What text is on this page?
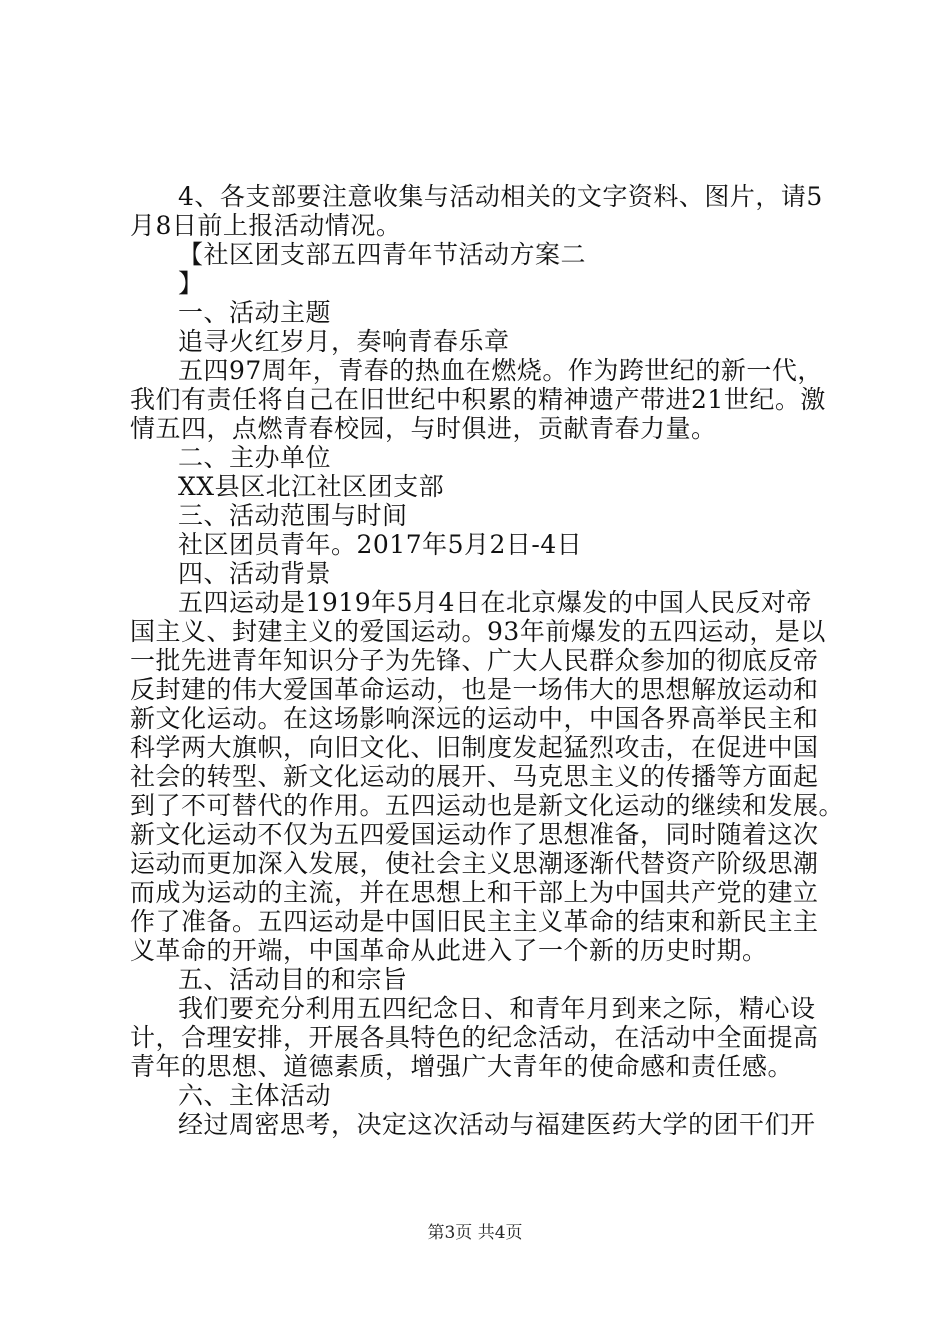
4、各支部要注意收集与活动相关的文字资料、图片，请5
月8日前上报活动情况。
【社区团支部五四青年节活动方案二
】
一、活动主题
追寻火红岁月，奏响青春乐章
五四97周年，青春的热血在燃烧。作为跨世纪的新一代，
我们有责任将自己在旧世纪中积累的精神遗产带进21世纪。激
情五四，点燃青春校园，与时俱进，贡献青春力量。
二、主办单位
XX县区北江社区团支部
三、活动范围与时间
社区团员青年。2017年5月2日-4日
四、活动背景
五四运动是1919年5月4日在北京爆发的中国人民反对帝
国主义、封建主义的爱国运动。93年前爆发的五四运动，是以
一批先进青年知识分子为先锋、广大人民群众参加的彻底反帝
反封建的伟大爱国革命运动，也是一场伟大的思想解放运动和
新文化运动。在这场影响深远的运动中，中国各界高举民主和
科学两大旗帜，向旧文化、旧制度发起猛烈攻击，在促进中国
社会的转型、新文化运动的展开、马克思主义的传播等方面起
到了不可替代的作用。五四运动也是新文化运动的继续和发展。
新文化运动不仅为五四爱国运动作了思想准备，同时随着这次
运动而更加深入发展，使社会主义思潮逐渐代替资产阶级思潮
而成为运动的主流，并在思想上和干部上为中国共产党的建立
作了准备。五四运动是中国旧民主主义革命的结束和新民主主
义革命的开端，中国革命从此进入了一个新的历史时期。
五、活动目的和宗旨
我们要充分利用五四纪念日、和青年月到来之际，精心设
计，合理安排，开展各具特色的纪念活动，在活动中全面提高
青年的思想、道德素质，增强广大青年的使命感和责任感。
六、主体活动
经过周密思考，决定这次活动与福建医药大学的团干们开
第3页 共4页
